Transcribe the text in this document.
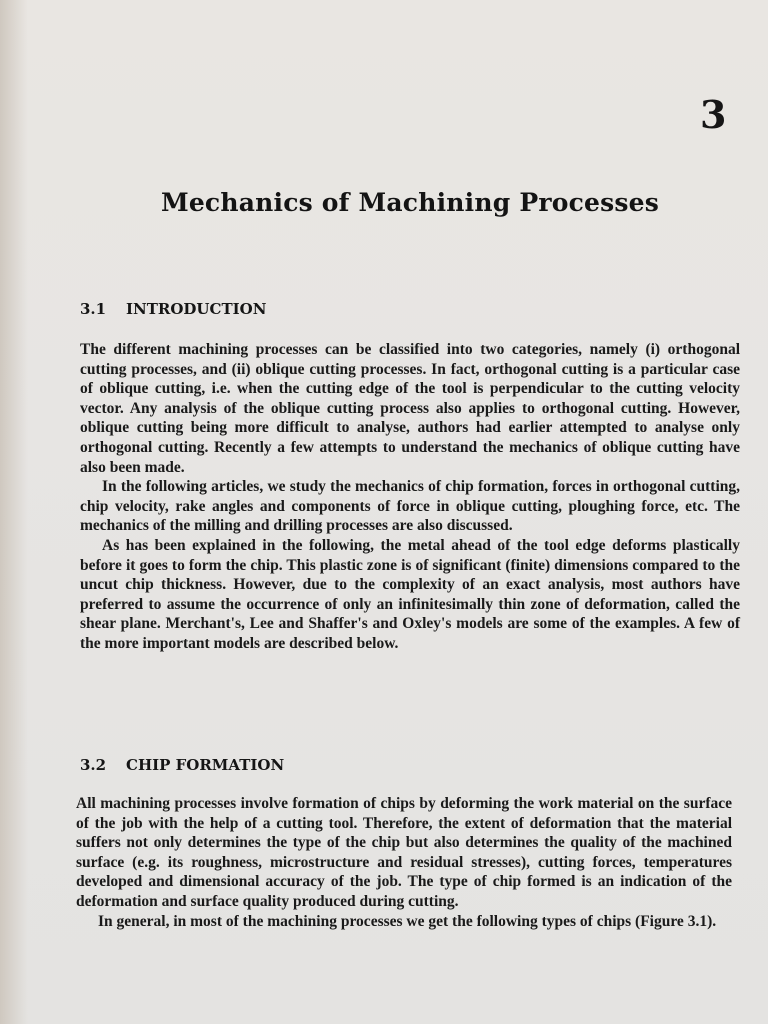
3
Mechanics of Machining Processes
3.1 INTRODUCTION

The different machining processes can be classified into two categories, namely (i) orthogonal cutting processes, and (ii) oblique cutting processes. In fact, orthogonal cutting is a particular case of oblique cutting, i.e. when the cutting edge of the tool is perpendicular to the cutting velocity vector. Any analysis of the oblique cutting process also applies to orthogonal cutting. However, oblique cutting being more difficult to analyse, authors had earlier attempted to analyse only orthogonal cutting. Recently a few attempts to understand the mechanics of oblique cutting have also been made.

In the following articles, we study the mechanics of chip formation, forces in orthogonal cutting, chip velocity, rake angles and components of force in oblique cutting, ploughing force, etc. The mechanics of the milling and drilling processes are also discussed.

As has been explained in the following, the metal ahead of the tool edge deforms plastically before it goes to form the chip. This plastic zone is of significant (finite) dimensions compared to the uncut chip thickness. However, due to the complexity of an exact analysis, most authors have preferred to assume the occurrence of only an infinitesimally thin zone of deformation, called the shear plane. Merchant's, Lee and Shaffer's and Oxley's models are some of the examples. A few of the more important models are described below.

3.2 CHIP FORMATION

All machining processes involve formation of chips by deforming the work material on the surface of the job with the help of a cutting tool. Therefore, the extent of deformation that the material suffers not only determines the type of the chip but also determines the quality of the machined surface (e.g. its roughness, microstructure and residual stresses), cutting forces, temperatures developed and dimensional accuracy of the job. The type of chip formed is an indication of the deformation and surface quality produced during cutting.

In general, in most of the machining processes we get the following types of chips (Figure 3.1).
